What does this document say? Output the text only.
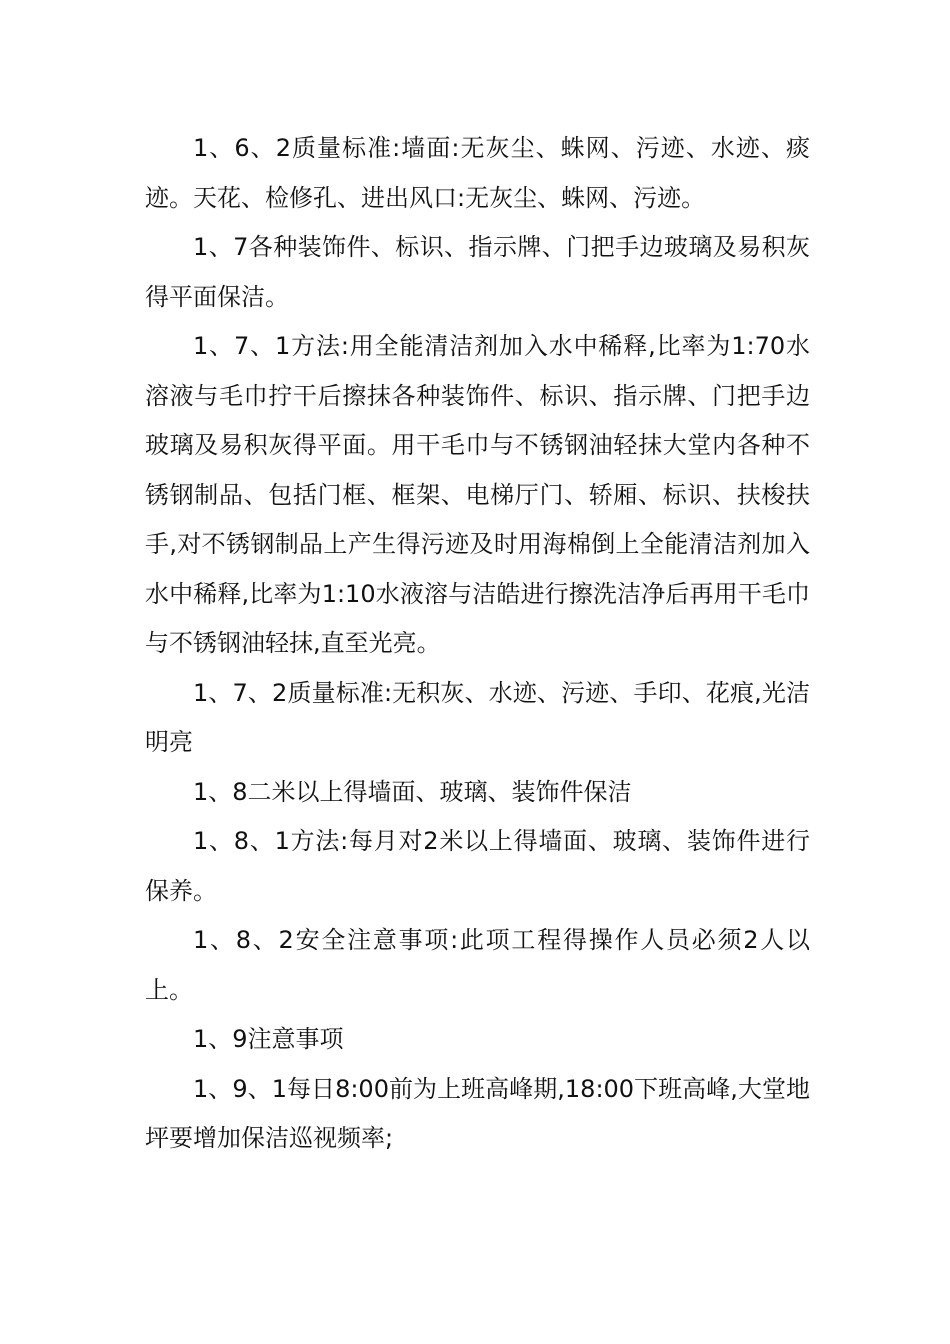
1、6、2质量标准:墙面:无灰尘、蛛网、污迹、水迹、痰迹。天花、检修孔、进出风口:无灰尘、蛛网、污迹。

1、7各种装饰件、标识、指示牌、门把手边玻璃及易积灰得平面保洁。

1、7、1方法:用全能清洁剂加入水中稀释,比率为1:70水溶液与毛巾拧干后擦抹各种装饰件、标识、指示牌、门把手边玻璃及易积灰得平面。用干毛巾与不锈钢油轻抹大堂内各种不锈钢制品、包括门框、框架、电梯厅门、轿厢、标识、扶梭扶手,对不锈钢制品上产生得污迹及时用海棉倒上全能清洁剂加入水中稀释,比率为1:10水液溶与洁皓进行擦洗洁净后再用干毛巾与不锈钢油轻抹,直至光亮。

1、7、2质量标准:无积灰、水迹、污迹、手印、花痕,光洁明亮

1、8二米以上得墙面、玻璃、装饰件保洁

1、8、1方法:每月对2米以上得墙面、玻璃、装饰件进行保养。

1、8、2安全注意事项:此项工程得操作人员必须2人以上。

1、9注意事项

1、9、1每日8:00前为上班高峰期,18:00下班高峰,大堂地坪要增加保洁巡视频率;
